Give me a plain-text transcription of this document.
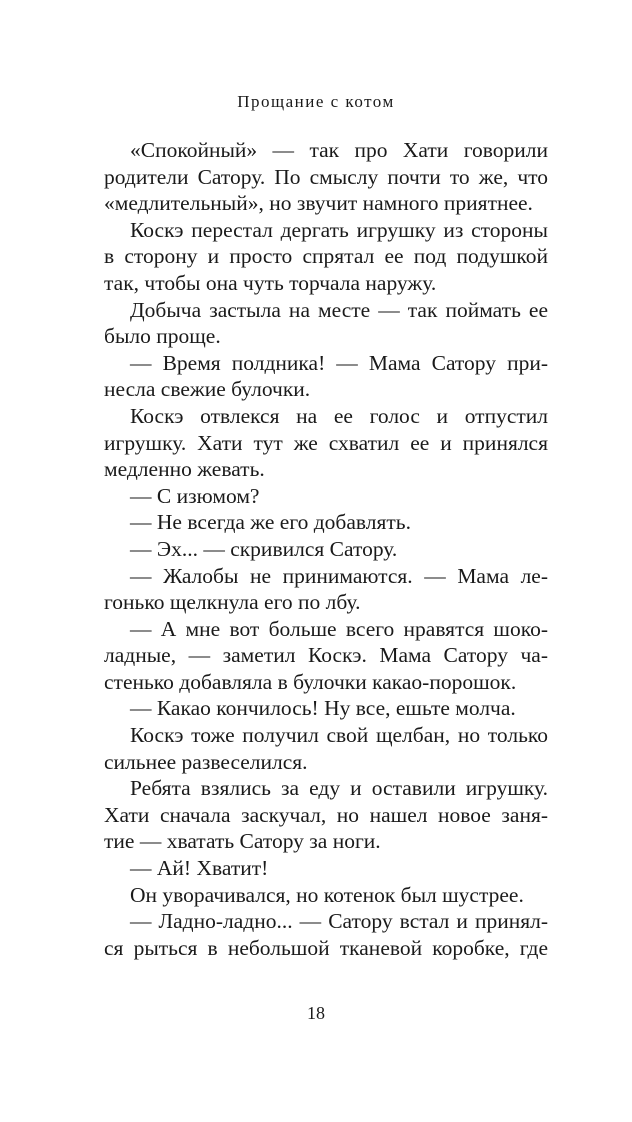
Прощание с котом
«Спокойный» — так про Хати говорили
родители Сатору. По смыслу почти то же, что
«медлительный», но звучит намного приятнее.
Коскэ перестал дергать игрушку из стороны
в сторону и просто спрятал ее под подушкой
так, чтобы она чуть торчала наружу.
Добыча застыла на месте — так поймать ее
было проще.
— Время полдника! — Мама Сатору при-
несла свежие булочки.
Коскэ отвлекся на ее голос и отпустил
игрушку. Хати тут же схватил ее и принялся
медленно жевать.
— С изюмом?
— Не всегда же его добавлять.
— Эх... — скривился Сатору.
— Жалобы не принимаются. — Мама ле-
гонько щелкнула его по лбу.
— А мне вот больше всего нравятся шоко-
ладные, — заметил Коскэ. Мама Сатору ча-
стенько добавляла в булочки какао-порошок.
— Какао кончилось! Ну все, ешьте молча.
Коскэ тоже получил свой щелбан, но только
сильнее развеселился.
Ребята взялись за еду и оставили игрушку.
Хати сначала заскучал, но нашел новое заня-
тие — хватать Сатору за ноги.
— Ай! Хватит!
Он уворачивался, но котенок был шустрее.
— Ладно-ладно... — Сатору встал и принял-
ся рыться в небольшой тканевой коробке, где
18
